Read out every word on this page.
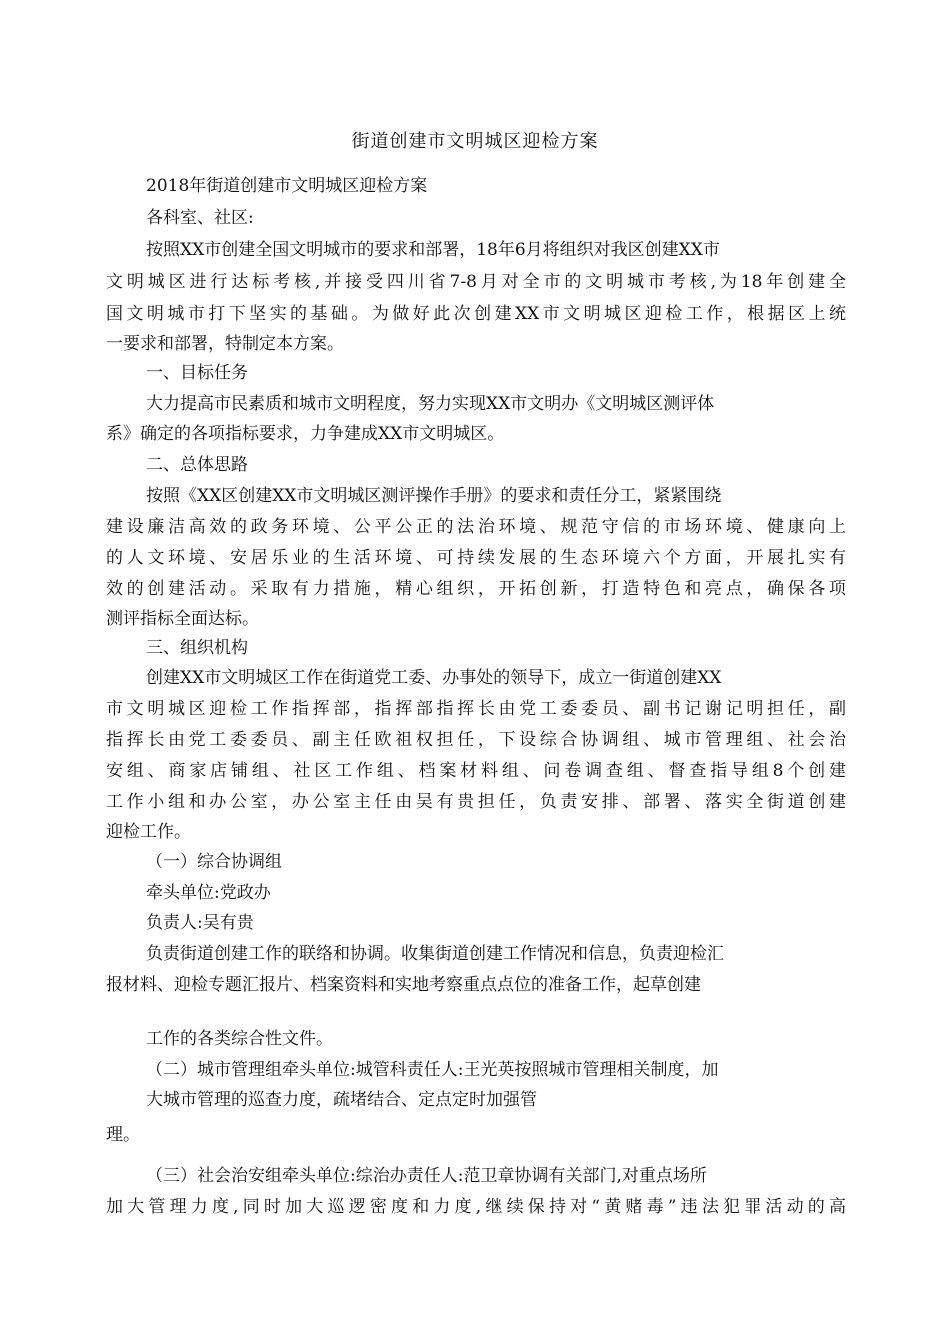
街道创建市文明城区迎检方案
2018年街道创建市文明城区迎检方案
各科室、社区:
按照XX市创建全国文明城市的要求和部署，18年6月将组织对我区创建XX市
文明城区进行达标考核,并接受四川省7-8月对全市的文明城市考核,为18年创建全
国文明城市打下坚实的基础。为做好此次创建XX市文明城区迎检工作，根据区上统
一要求和部署，特制定本方案。
一、目标任务
大力提高市民素质和城市文明程度，努力实现XX市文明办《文明城区测评体
系》确定的各项指标要求，力争建成XX市文明城区。
二、总体思路
按照《XX区创建XX市文明城区测评操作手册》的要求和责任分工，紧紧围绕
建设廉洁高效的政务环境、公平公正的法治环境、规范守信的市场环境、健康向上
的人文环境、安居乐业的生活环境、可持续发展的生态环境六个方面，开展扎实有
效的创建活动。采取有力措施，精心组织，开拓创新，打造特色和亮点，确保各项
测评指标全面达标。
三、组织机构
创建XX市文明城区工作在街道党工委、办事处的领导下，成立一街道创建XX
市文明城区迎检工作指挥部，指挥部指挥长由党工委委员、副书记谢记明担任，副
指挥长由党工委委员、副主任欧祖权担任，下设综合协调组、城市管理组、社会治
安组、商家店铺组、社区工作组、档案材料组、问卷调查组、督查指导组8个创建
工作小组和办公室，办公室主任由吴有贵担任，负责安排、部署、落实全街道创建
迎检工作。
（一）综合协调组
牵头单位:党政办
负责人:吴有贵
负责街道创建工作的联络和协调。收集街道创建工作情况和信息，负责迎检汇
报材料、迎检专题汇报片、档案资料和实地考察重点点位的准备工作，起草创建
工作的各类综合性文件。
（二）城市管理组牵头单位:城管科责任人:王光英按照城市管理相关制度，加
大城市管理的巡查力度，疏堵结合、定点定时加强管
理。
（三）社会治安组牵头单位:综治办责任人:范卫章协调有关部门,对重点场所
加大管理力度,同时加大巡逻密度和力度,继续保持对“黄赌毒”违法犯罪活动的高
